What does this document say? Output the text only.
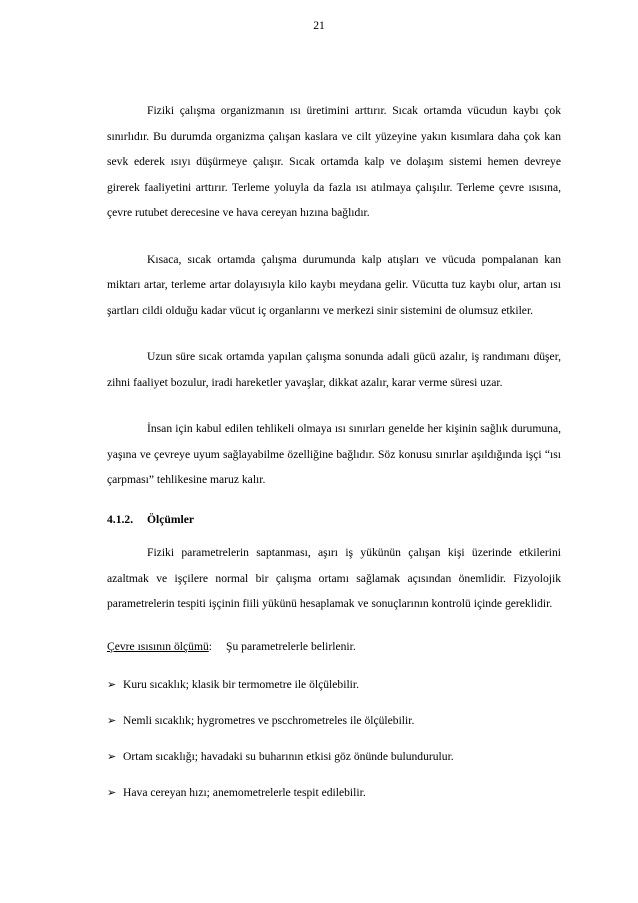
21

Fiziki çalışma organizmanın ısı üretimini arttırır. Sıcak ortamda vücudun kaybı çok sınırlıdır. Bu durumda organizma çalışan kaslara ve cilt yüzeyine yakın kısımlara daha çok kan sevk ederek ısıyı düşürmeye çalışır. Sıcak ortamda kalp ve dolaşım sistemi hemen devreye girerek faaliyetini arttırır. Terleme yoluyla da fazla ısı atılmaya çalışılır. Terleme çevre ısısına, çevre rutubet derecesine ve hava cereyan hızına bağlıdır.

Kısaca, sıcak ortamda çalışma durumunda kalp atışları ve vücuda pompalanan kan miktarı artar, terleme artar dolayısıyla kilo kaybı meydana gelir. Vücutta tuz kaybı olur, artan ısı şartları cildi olduğu kadar vücut iç organlarını ve merkezi sinir sistemini de olumsuz etkiler.

Uzun süre sıcak ortamda yapılan çalışma sonunda adali gücü azalır, iş randımanı düşer, zihni faaliyet bozulur, iradi hareketler yavaşlar, dikkat azalır, karar verme süresi uzar.

İnsan için kabul edilen tehlikeli olmaya ısı sınırları genelde her kişinin sağlık durumuna, yaşına ve çevreye uyum sağlayabilme özelliğine bağlıdır. Söz konusu sınırlar aşıldığında işçi “ısı çarpması” tehlikesine maruz kalır.

4.1.2. Ölçümler

Fiziki parametrelerin saptanması, aşırı iş yükünün çalışan kişi üzerinde etkilerini azaltmak ve işçilere normal bir çalışma ortamı sağlamak açısından önemlidir. Fizyolojik parametrelerin tespiti işçinin fiili yükünü hesaplamak ve sonuçlarının kontrolü içinde gereklidir.

Çevre ısısının ölçümü: Şu parametrelerle belirlenir.
➢ Kuru sıcaklık; klasik bir termometre ile ölçülebilir.
➢ Nemli sıcaklık; hygrometres ve pscchrometreles ile ölçülebilir.
➢ Ortam sıcaklığı; havadaki su buharının etkisi göz önünde bulundurulur.
➢ Hava cereyan hızı; anemometrelerle tespit edilebilir.
